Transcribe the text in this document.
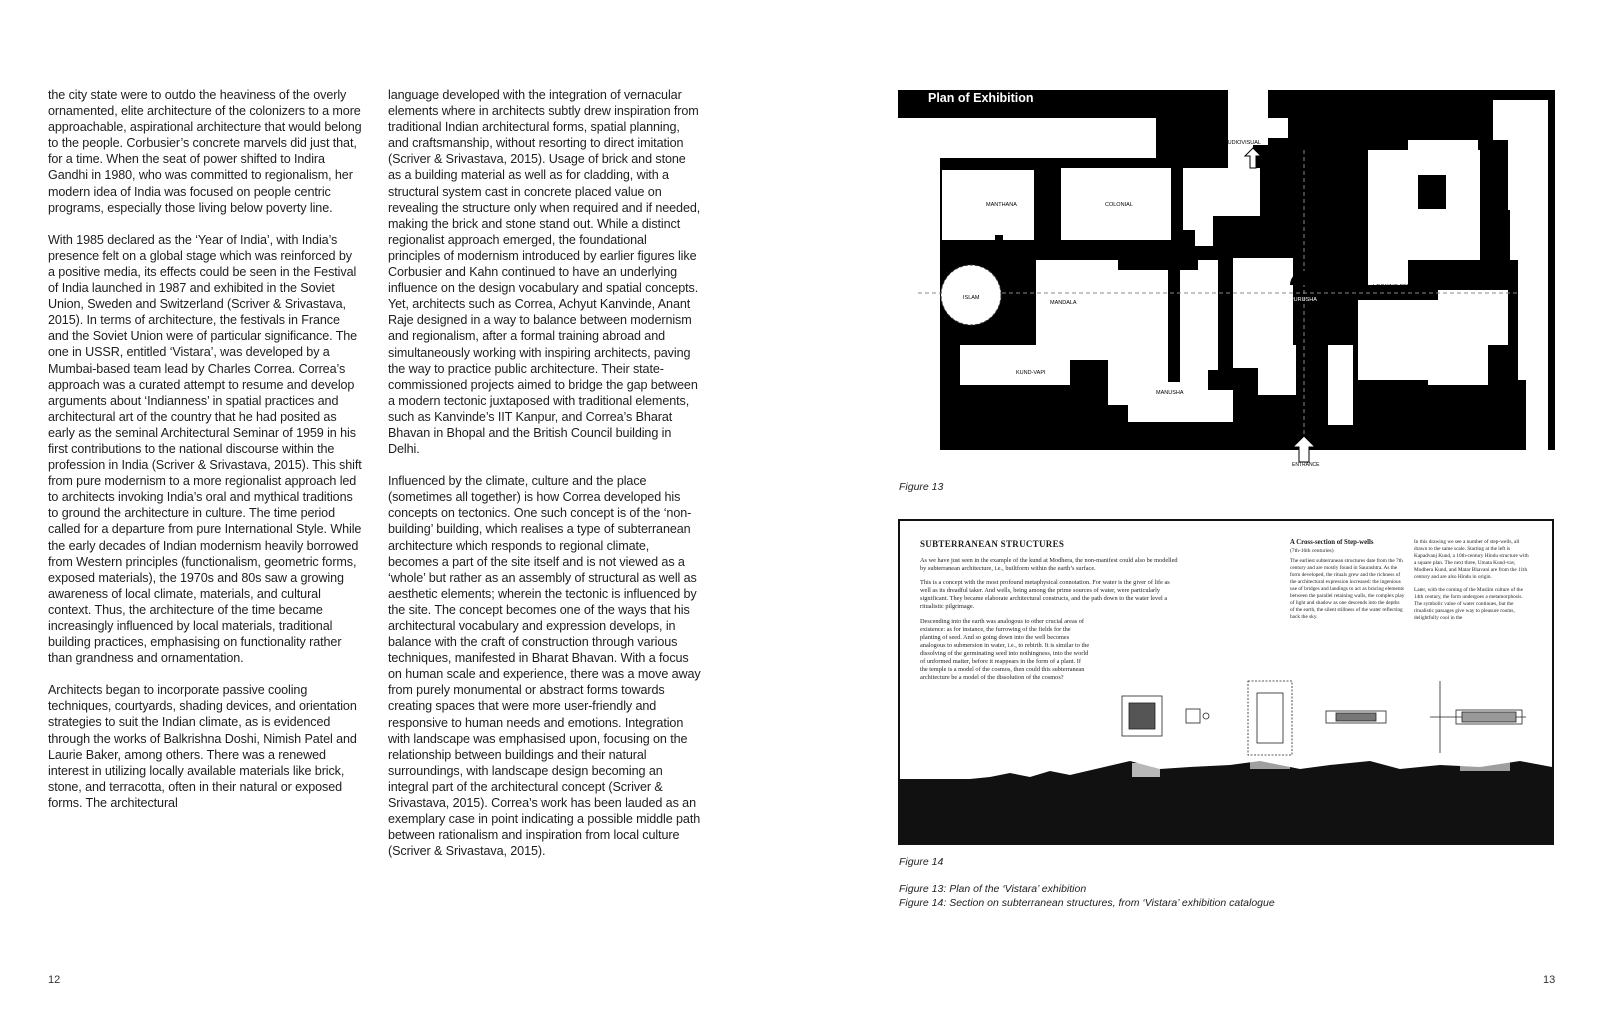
the city state were to outdo the heaviness of the overly ornamented, elite architecture of the colonizers to a more approachable, aspirational architecture that would belong to the people. Corbusier’s concrete marvels did just that, for a time. When the seat of power shifted to Indira Gandhi in 1980, who was committed to regionalism, her modern idea of India was focused on people centric programs, especially those living below poverty line.

With 1985 declared as the ‘Year of India’, with India’s presence felt on a global stage which was reinforced by a positive media, its effects could be seen in the Festival of India launched in 1987 and exhibited in the Soviet Union, Sweden and Switzerland (Scriver & Srivastava, 2015). In terms of architecture, the festivals in France and the Soviet Union were of particular significance. The one in USSR, entitled ‘Vistara’, was developed by a Mumbai-based team lead by Charles Correa. Correa’s approach was a curated attempt to resume and develop arguments about ‘Indianness’ in spatial practices and architectural art of the country that he had posited as early as the seminal Architectural Seminar of 1959 in his first contributions to the national discourse within the profession in India (Scriver & Srivastava, 2015). This shift from pure modernism to a more regionalist approach led to architects invoking India’s oral and mythical traditions to ground the architecture in culture. The time period called for a departure from pure International Style. While the early decades of Indian modernism heavily borrowed from Western principles (functionalism, geometric forms, exposed materials), the 1970s and 80s saw a growing awareness of local climate, materials, and cultural context. Thus, the architecture of the time became increasingly influenced by local materials, traditional building practices, emphasising on functionality rather than grandness and ornamentation.

Architects began to incorporate passive cooling techniques, courtyards, shading devices, and orientation strategies to suit the Indian climate, as is evidenced through the works of Balkrishna Doshi, Nimish Patel and Laurie Baker, among others. There was a renewed interest in utilizing locally available materials like brick, stone, and terracotta, often in their natural or exposed forms. The architectural

language developed with the integration of vernacular elements where in architects subtly drew inspiration from traditional Indian architectural forms, spatial planning, and craftsmanship, without resorting to direct imitation (Scriver & Srivastava, 2015). Usage of brick and stone as a building material as well as for cladding, with a structural system cast in concrete placed value on revealing the structure only when required and if needed, making the brick and stone stand out. While a distinct regionalist approach emerged, the foundational principles of modernism introduced by earlier figures like Corbusier and Kahn continued to have an underlying influence on the design vocabulary and spatial concepts. Yet, architects such as Correa, Achyut Kanvinde, Anant Raje designed in a way to balance between modernism and regionalism, after a formal training abroad and simultaneously working with inspiring architects, paving the way to practice public architecture. Their state-commissioned projects aimed to bridge the gap between a modern tectonic juxtaposed with traditional elements, such as Kanvinde’s IIT Kanpur, and Correa’s Bharat Bhavan in Bhopal and the British Council building in Delhi.

Influenced by the climate, culture and the place (sometimes all together) is how Correa developed his concepts on tectonics. One such concept is of the ‘non-building’ building, which realises a type of subterranean architecture which responds to regional climate, becomes a part of the site itself and is not viewed as a ‘whole’ but rather as an assembly of structural as well as aesthetic elements; wherein the tectonic is influenced by the site. The concept becomes one of the ways that his architectural vocabulary and expression develops, in balance with the craft of construction through various techniques, manifested in Bharat Bhavan. With a focus on human scale and experience, there was a move away from purely monumental or abstract forms towards creating spaces that were more user-friendly and responsive to human needs and emotions. Integration with landscape was emphasised upon, focusing on the relationship between buildings and their natural surroundings, with landscape design becoming an integral part of the architectural concept (Scriver & Srivastava, 2015). Correa’s work has been lauded as an exemplary case in point indicating a possible middle path between rationalism and inspiration from local culture (Scriver & Srivastava, 2015).

12
Plan of Exhibition
MANTHANA	COLONIAL
ISLAM
MANDALA
KUND-VAPI
MANUSHA
PURUSHA
LOOKING BEYOND	ROOTS
AUDIOVISUAL
ENTRANCE
Figure 13
SUBTERRANEAN STRUCTURES

As we have just seen in the example of the kund at Modhera, the non-manifest could also be modelled by subterranean architecture, i.e., builtform within the earth’s surface.

This is a concept with the most profound metaphysical connotation. For water is the giver of life as well as its dreadful taker. And wells, being among the prime sources of water, were particularly significant. They became elaborate architectural constructs, and the path down to the water level a ritualistic pilgrimage.

Descending into the earth was analogous to other crucial areas of existence: as for instance, the furrowing of the fields for the planting of seed. And so going down into the well becomes analogous to submersion in water, i.e., to rebirth. It is similar to the dissolving of the germinating seed into nothingness, into the world of unformed matter, before it reappears in the form of a plant. If the temple is a model of the cosmos, then could this subterranean architecture be a model of the dissolution of the cosmos?

A Cross-section of Step-wells
(7th-16th centuries)
The earliest subterranean structures date from the 7th century and are mostly found in Saurashtra. As the form developed, the rituals grew and the richness of the architectural expression increased: the ingenious use of bridges and landings to act as bracing elements between the parallel retaining walls, the complex play of light and shadow as one descends into the depths of the earth, the silent stillness of the water reflecting back the sky.

In this drawing we see a number of step-wells, all drawn to the same scale. Starting at the left is Kapadvanj Kund, a 10th-century Hindu structure with a square plan. The next three, Umata Kund-vav, Modhera Kund, and Matar Bhavani are from the 11th century and are also Hindu in origin.

Later, with the coming of the Muslim culture of the 14th century, the form undergoes a metamorphosis. The symbolic value of water continues, but the ritualistic passages give way to pleasure rooms, delightfully cool in the

Figure 14
Figure 13: Plan of the ‘Vistara’ exhibition
Figure 14: Section on subterranean structures, from ‘Vistara’ exhibition catalogue
13
